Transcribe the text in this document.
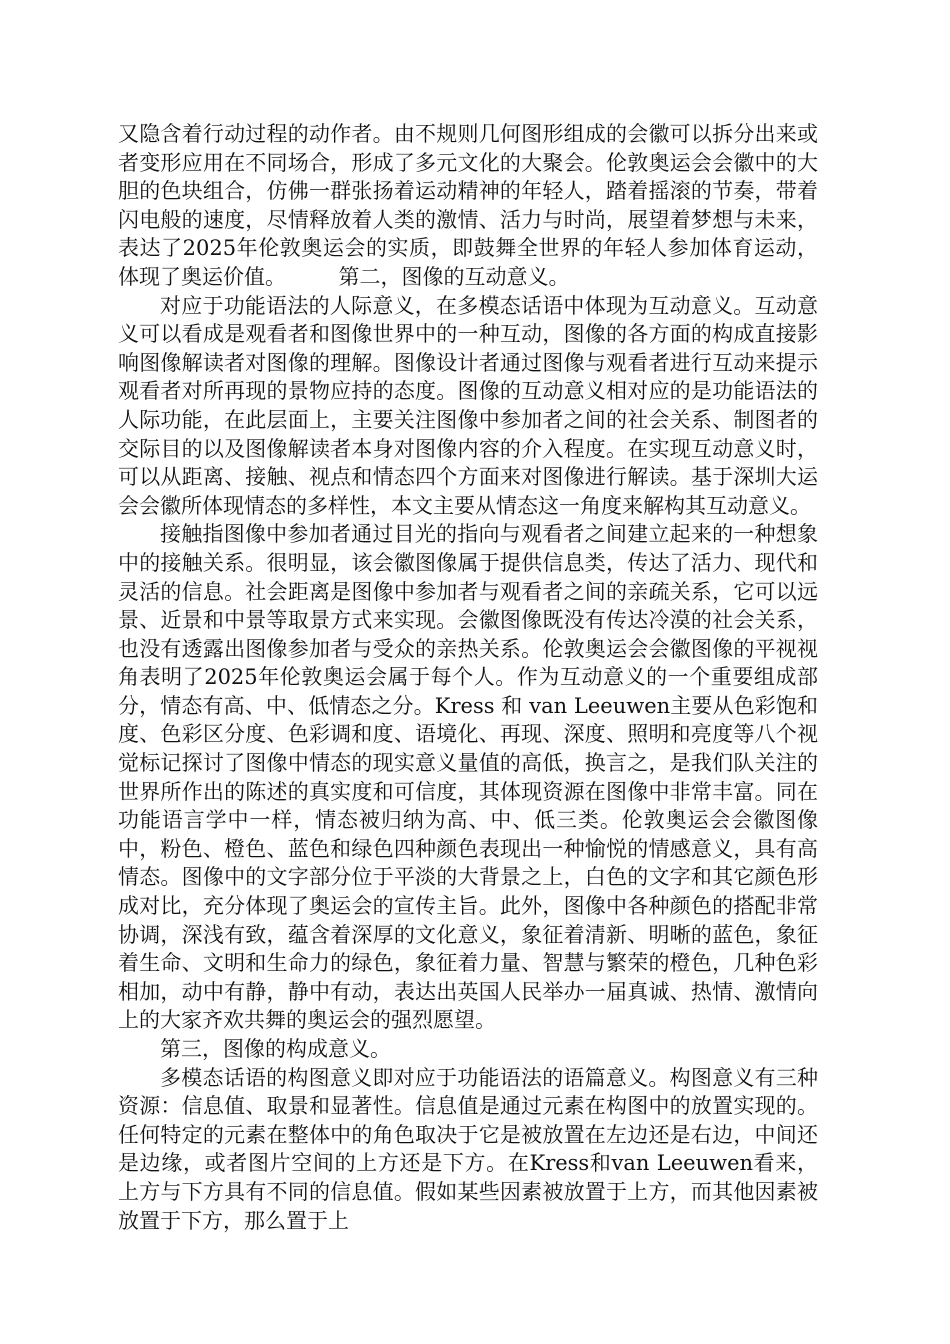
又隐含着行动过程的动作者。由不规则几何图形组成的会徽可以拆分出来或者变形应用在不同场合，形成了多元文化的大聚会。伦敦奥运会会徽中的大胆的色块组合，仿佛一群张扬着运动精神的年轻人，踏着摇滚的节奏，带着闪电般的速度，尽情释放着人类的激情、活力与时尚，展望着梦想与未来，表达了2025年伦敦奥运会的实质，即鼓舞全世界的年轻人参加体育运动，体现了奥运价值。　　　第二，图像的互动意义。

对应于功能语法的人际意义，在多模态话语中体现为互动意义。互动意义可以看成是观看者和图像世界中的一种互动，图像的各方面的构成直接影响图像解读者对图像的理解。图像设计者通过图像与观看者进行互动来提示观看者对所再现的景物应持的态度。图像的互动意义相对应的是功能语法的人际功能，在此层面上，主要关注图像中参加者之间的社会关系、制图者的交际目的以及图像解读者本身对图像内容的介入程度。在实现互动意义时，可以从距离、接触、视点和情态四个方面来对图像进行解读。基于深圳大运会会徽所体现情态的多样性，本文主要从情态这一角度来解构其互动意义。

接触指图像中参加者通过目光的指向与观看者之间建立起来的一种想象中的接触关系。很明显，该会徽图像属于提供信息类，传达了活力、现代和灵活的信息。社会距离是图像中参加者与观看者之间的亲疏关系，它可以远景、近景和中景等取景方式来实现。会徽图像既没有传达冷漠的社会关系，也没有透露出图像参加者与受众的亲热关系。伦敦奥运会会徽图像的平视视角表明了2025年伦敦奥运会属于每个人。作为互动意义的一个重要组成部分，情态有高、中、低情态之分。Kress 和 van Leeuwen主要从色彩饱和度、色彩区分度、色彩调和度、语境化、再现、深度、照明和亮度等八个视觉标记探讨了图像中情态的现实意义量值的高低，换言之，是我们队关注的世界所作出的陈述的真实度和可信度，其体现资源在图像中非常丰富。同在功能语言学中一样，情态被归纳为高、中、低三类。伦敦奥运会会徽图像中，粉色、橙色、蓝色和绿色四种颜色表现出一种愉悦的情感意义，具有高情态。图像中的文字部分位于平淡的大背景之上，白色的文字和其它颜色形成对比，充分体现了奥运会的宣传主旨。此外，图像中各种颜色的搭配非常协调，深浅有致，蕴含着深厚的文化意义，象征着清新、明晰的蓝色，象征着生命、文明和生命力的绿色，象征着力量、智慧与繁荣的橙色，几种色彩相加，动中有静，静中有动，表达出英国人民举办一届真诚、热情、激情向上的大家齐欢共舞的奥运会的强烈愿望。

第三，图像的构成意义。

多模态话语的构图意义即对应于功能语法的语篇意义。构图意义有三种资源：信息值、取景和显著性。信息值是通过元素在构图中的放置实现的。任何特定的元素在整体中的角色取决于它是被放置在左边还是右边，中间还是边缘，或者图片空间的上方还是下方。在Kress和van Leeuwen看来，上方与下方具有不同的信息值。假如某些因素被放置于上方，而其他因素被放置于下方，那么置于上
